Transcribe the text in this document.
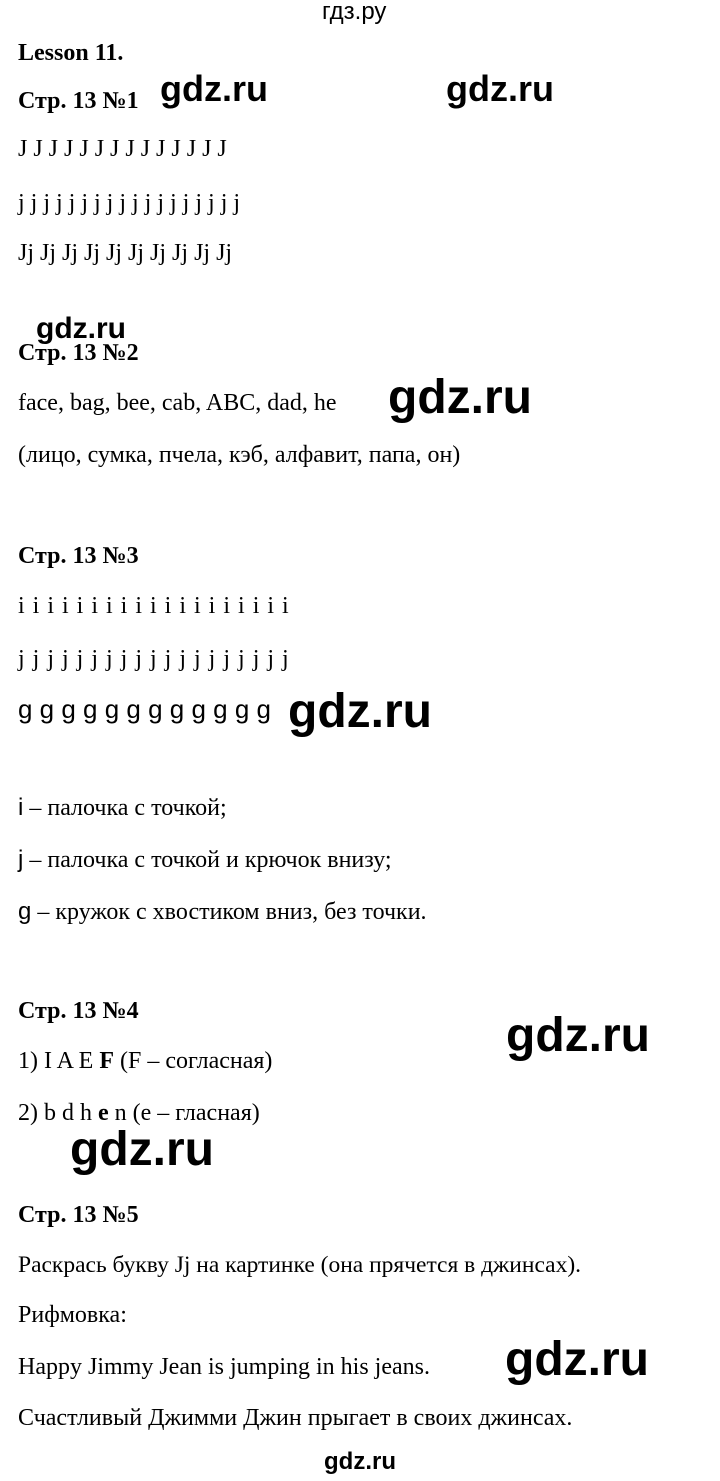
гдз.ру
Lesson 11.
Стр. 13 №1
J J J J J J J J J J J J J J
j j j j j j j j j j j j j j j j j j
Jj Jj Jj Jj Jj Jj Jj Jj Jj Jj
Стр. 13 №2
face, bag, bee, cab, ABC, dad, he
(лицо, сумка, пчела, кэб, алфавит, папа, он)
Стр. 13 №3
i i i i i i i i i i i i i i i i i i i
j j j j j j j j j j j j j j j j j j j
g g g g g g g g g g g g
i – палочка с точкой;
j – палочка с точкой и крючок внизу;
g – кружок с хвостиком вниз, без точки.
Стр. 13 №4
1) I A E F (F – согласная)
2) b d h e n (e – гласная)
Стр. 13 №5
Раскрась букву Jj на картинке (она прячется в джинсах).
Рифмовка:
Happy Jimmy Jean is jumping in his jeans.
Счастливый Джимми Джин прыгает в своих джинсах.
gdz.ru	gdz.ru
gdz.ru
gdz.ru
gdz.ru
gdz.ru
gdz.ru
gdz.ru
gdz.ru
